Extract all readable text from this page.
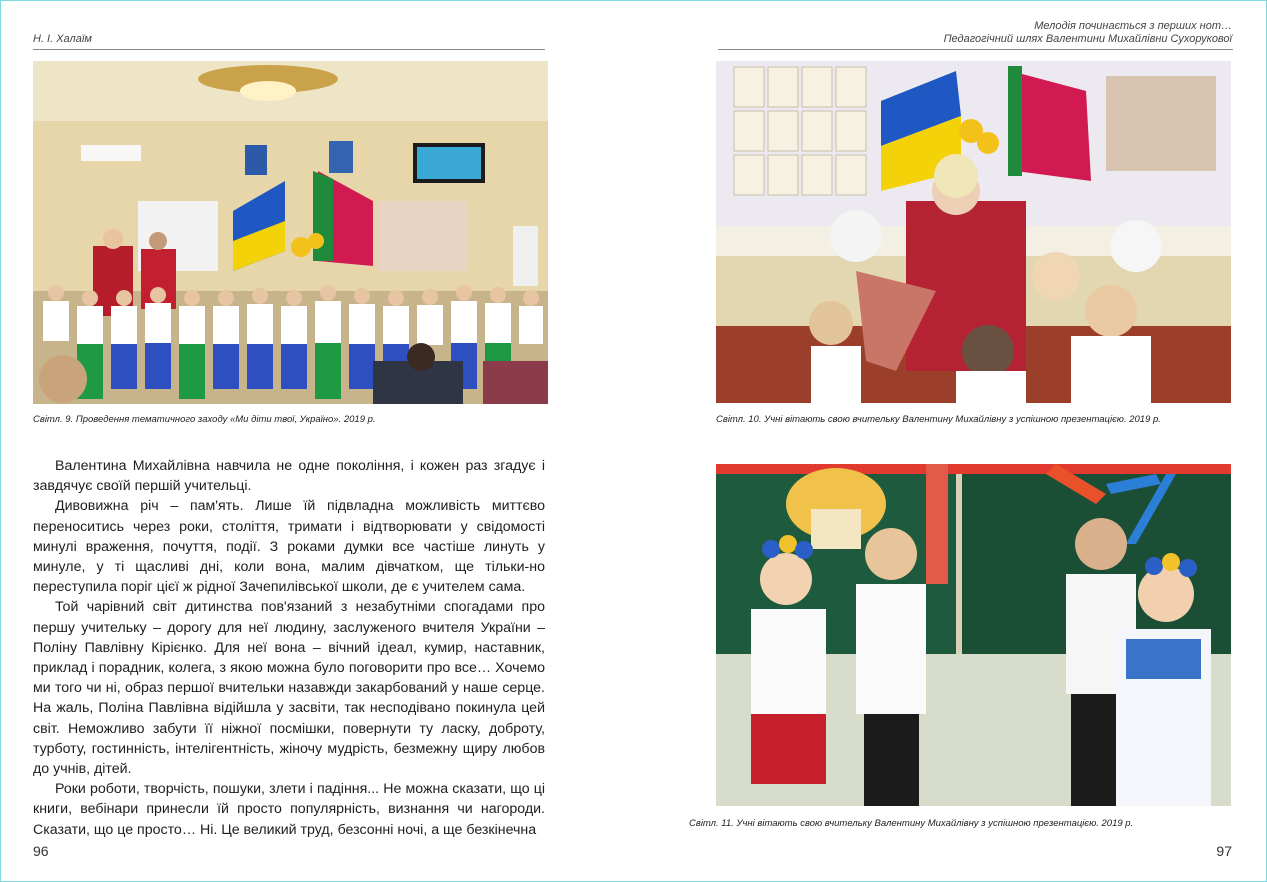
Н. І. Халаїм
Світл. 9. Проведення тематичного заходу «Ми діти твої, Україно». 2019 р.

Валентина Михайлівна навчила не одне покоління, і кожен раз згадує і завдячує своїй першій учительці.

Дивовижна річ – пам'ять. Лише їй підвладна можливість миттєво переноситись через роки, століття, тримати і відтворювати у свідомості минулі враження, почуття, події. З роками думки все частіше линуть у минуле, у ті щасливі дні, коли вона, малим дівчатком, ще тільки-но переступила поріг цієї ж рідної Зачепилівської школи, де є учителем сама.

Той чарівний світ дитинства пов'язаний з незабутніми спогадами про першу учительку – дорогу для неї людину, заслуженого вчителя України – Поліну Павлівну Кірієнко. Для неї вона – вічний ідеал, кумир, наставник, приклад і порадник, колега, з якою можна було поговорити про все… Хочемо ми того чи ні, образ першої вчительки назавжди закарбований у наше серце. На жаль, Поліна Павлівна відійшла у засвіти, так несподівано покинула цей світ. Неможливо забути її ніжної посмішки, повернути ту ласку, доброту, турботу, гостинність, інтелігентність, жіночу мудрість, безмежну щиру любов до учнів, дітей.

Роки роботи, творчість, пошуки, злети і падіння... Не можна сказати, що ці книги, вебінари принесли їй просто популярність, визнання чи нагороди. Сказати, що це просто… Ні. Це великий труд, безсонні ночі, а ще безкінечна

96
Мелодія починається з перших нот…
Педагогічний шлях Валентини Михайлівни Сухорукової
Світл. 10. Учні вітають свою вчительку Валентину Михайлівну з успішною презентацією. 2019 р.
Світл. 11. Учні вітають свою вчительку Валентину Михайлівну з успішною презентацією. 2019 р.
97
